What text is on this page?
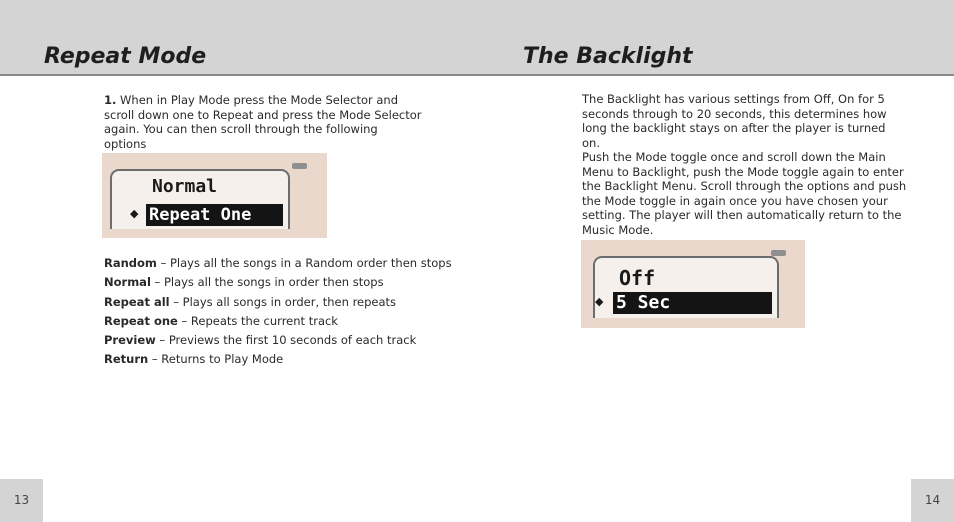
Repeat Mode	The Backlight
1. When in Play Mode press the Mode Selector and scroll down one to Repeat and press the Mode Selector again. You can then scroll through the following options
Normal
◆ Repeat One
Random – Plays all the songs in a Random order then stops
Normal – Plays all the songs in order then stops
Repeat all – Plays all songs in order, then repeats
Repeat one – Repeats the current track
Preview – Previews the first 10 seconds of each track
Return – Returns to Play Mode
13
The Backlight has various settings from Off, On for 5 seconds through to 20 seconds, this determines how long the backlight stays on after the player is turned on.
Push the Mode toggle once and scroll down the Main Menu to Backlight, push the Mode toggle again to enter the Backlight Menu. Scroll through the options and push the Mode toggle in again once you have chosen your setting. The player will then automatically return to the Music Mode.
Off
◆ 5 Sec
14
